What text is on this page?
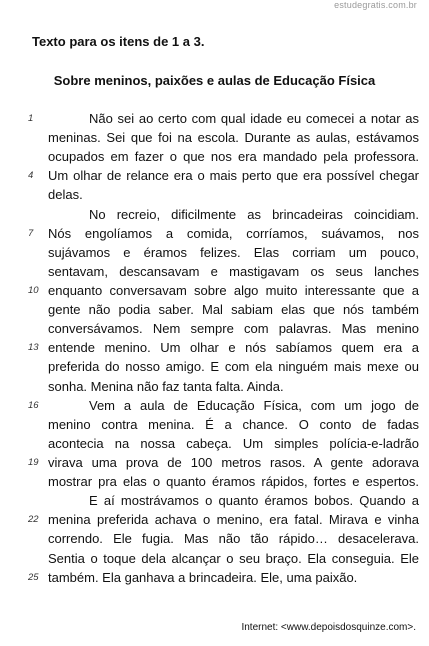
estudegratis.com.br
Texto para os itens de 1 a 3.
Sobre meninos, paixões e aulas de Educação Física
1	Não sei ao certo com qual idade eu comecei a notar as
meninas. Sei que foi na escola. Durante as aulas, estávamos
ocupados em fazer o que nos era mandado pela professora.
4	Um olhar de relance era o mais perto que era possível chegar
delas.
No recreio, dificilmente as brincadeiras coincidiam.
7	Nós engolíamos a comida, corríamos, suávamos, nos
sujávamos e éramos felizes. Elas corriam um pouco,
sentavam, descansavam e mastigavam os seus lanches
10 enquanto conversavam sobre algo muito interessante que a
gente não podia saber. Mal sabiam elas que nós também
conversávamos. Nem sempre com palavras. Mas menino
13 entende menino. Um olhar e nós sabíamos quem era a
preferida do nosso amigo. E com ela ninguém mais mexe ou
sonha. Menina não faz tanta falta. Ainda.
16	Vem a aula de Educação Física, com um jogo de
menino contra menina. É a chance. O conto de fadas
acontecia na nossa cabeça. Um simples polícia-e-ladrão
19 virava uma prova de 100 metros rasos. A gente adorava
mostrar pra elas o quanto éramos rápidos, fortes e espertos.
E aí mostrávamos o quanto éramos bobos. Quando a
22 menina preferida achava o menino, era fatal. Mirava e vinha
correndo. Ele fugia. Mas não tão rápido… desacelerava.
Sentia o toque dela alcançar o seu braço. Ela conseguia. Ele
25 também. Ela ganhava a brincadeira. Ele, uma paixão.
Internet: <www.depoisdosquinze.com>.
